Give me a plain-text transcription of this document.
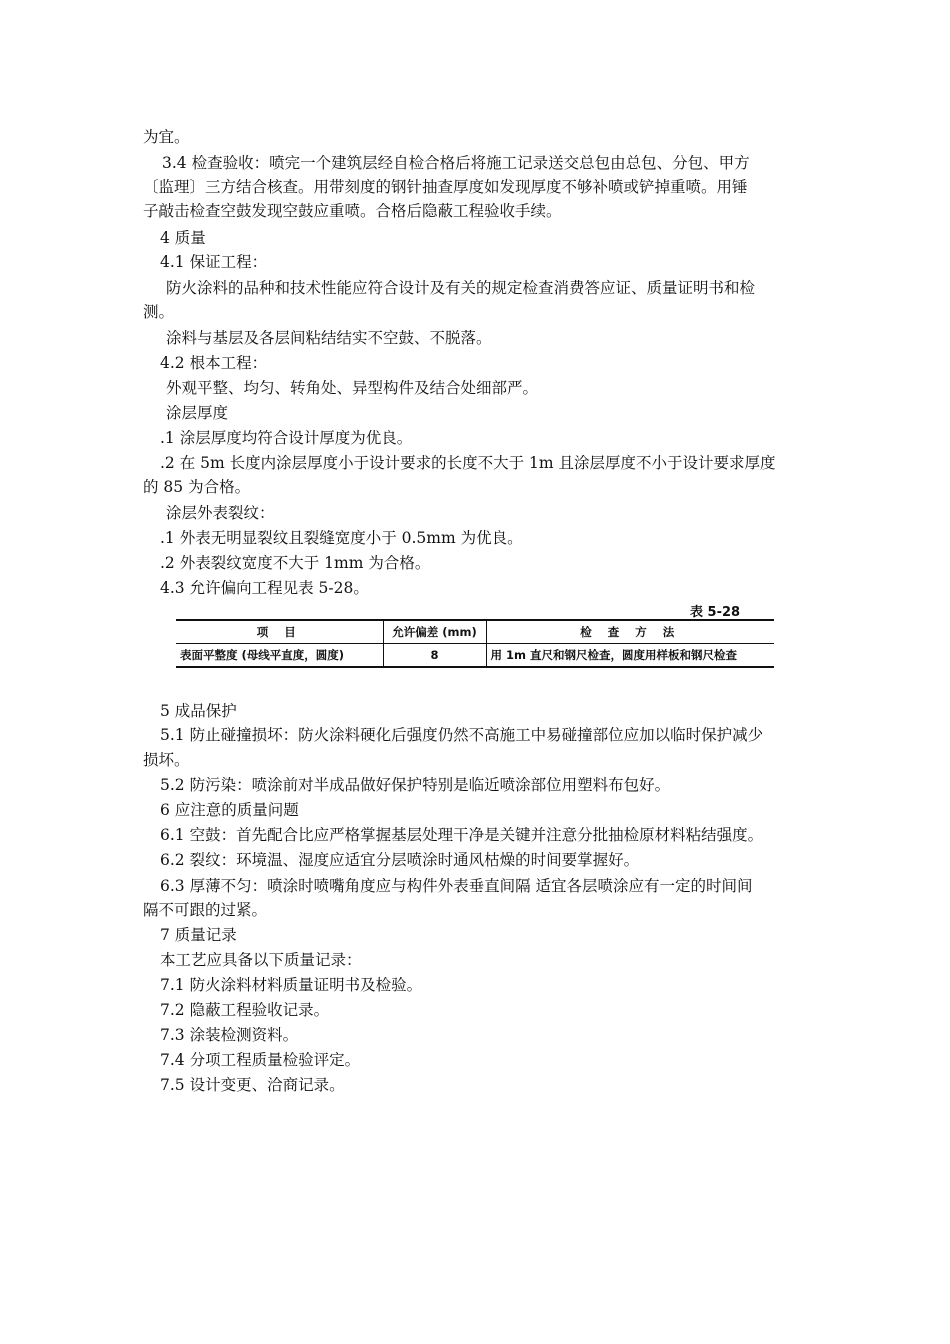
为宜。
3.4 检查验收：喷完一个建筑层经自检合格后将施工记录送交总包由总包、分包、甲方
〔监理〕三方结合核查。用带刻度的钢针抽查厚度如发现厚度不够补喷或铲掉重喷。用锤
子敲击检查空鼓发现空鼓应重喷。合格后隐蔽工程验收手续。
4 质量
4.1 保证工程：
防火涂料的品种和技术性能应符合设计及有关的规定检查消费答应证、质量证明书和检
测。
涂料与基层及各层间粘结结实不空鼓、不脱落。
4.2 根本工程：
外观平整、均匀、转角处、异型构件及结合处细部严。
涂层厚度
.1 涂层厚度均符合设计厚度为优良。
.2 在 5m 长度内涂层厚度小于设计要求的长度不大于 1m 且涂层厚度不小于设计要求厚度
的 85 为合格。
涂层外表裂纹：
.1 外表无明显裂纹且裂缝宽度小于 0.5mm 为优良。
.2 外表裂纹宽度不大于 1mm 为合格。
4.3 允许偏向工程见表 5-28。
表 5-28
项 目	允许偏差 (mm)	检 查 方 法
表面平整度 (母线平直度，圆度)	8	用 1m 直尺和钢尺检查，圆度用样板和钢尺检查
5 成品保护
5.1 防止碰撞损坏：防火涂料硬化后强度仍然不高施工中易碰撞部位应加以临时保护减少
损坏。
5.2 防污染：喷涂前对半成品做好保护特别是临近喷涂部位用塑料布包好。
6 应注意的质量问题
6.1 空鼓：首先配合比应严格掌握基层处理干净是关键并注意分批抽检原材料粘结强度。
6.2 裂纹：环境温、湿度应适宜分层喷涂时通风枯燥的时间要掌握好。
6.3 厚薄不匀：喷涂时喷嘴角度应与构件外表垂直间隔 适宜各层喷涂应有一定的时间间
隔不可跟的过紧。
7 质量记录
本工艺应具备以下质量记录：
7.1 防火涂料材料质量证明书及检验。
7.2 隐蔽工程验收记录。
7.3 涂装检测资料。
7.4 分项工程质量检验评定。
7.5 设计变更、洽商记录。
